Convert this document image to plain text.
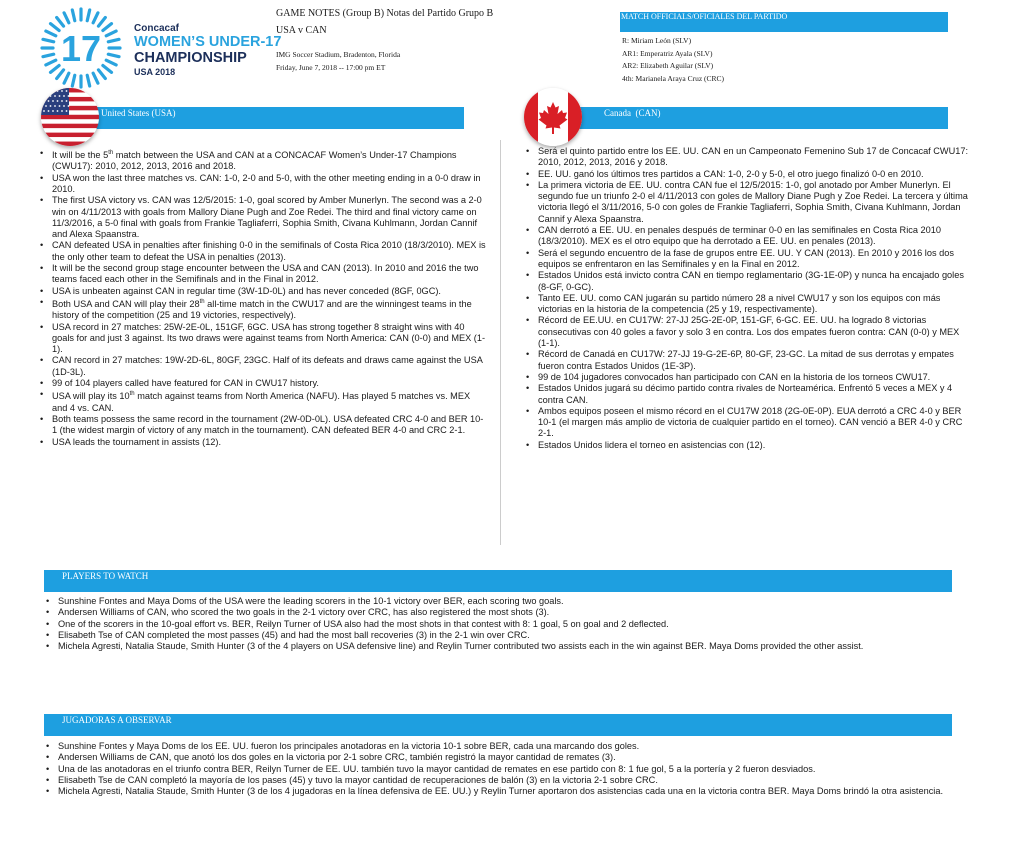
17	Concacaf
WOMEN’S UNDER-17
CHAMPIONSHIP
USA 2018
GAME NOTES (Group B) Notas del Partido Grupo B
USA v CAN
IMG Soccer Stadium, Bradenton, Florida
Friday, June 7, 2018 -- 17:00 pm ET
MATCH OFFICIALS/OFICIALES DEL PARTIDO
R: Miriam León (SLV)
AR1: Emperatriz Ayala (SLV)
AR2: Elizabeth Aguilar (SLV)
4th: Marianela Araya Cruz (CRC)
United States (USA)
• It will be the 5th match between the USA and CAN at a CONCACAF Women’s Under-17 Champions (CWU17): 2010, 2012, 2013, 2016 and 2018.
• USA won the last three matches vs. CAN: 1-0, 2-0 and 5-0, with the other meeting ending in a 0-0 draw in 2010.
• The first USA victory vs. CAN was 12/5/2015: 1-0, goal scored by Amber Munerlyn. The second was a 2-0 win on 4/11/2013 with goals from Mallory Diane Pugh and Zoe Redei. The third and final victory came on 11/3/2016, a 5-0 final with goals from Frankie Tagliaferri, Sophia Smith, Civana Kuhlmann, Jordan Cannif and Alexa Spaanstra.
• CAN defeated USA in penalties after finishing 0-0 in the semifinals of Costa Rica 2010 (18/3/2010). MEX is the only other team to defeat the USA in penalties (2013).
• It will be the second group stage encounter between the USA and CAN (2013). In 2010 and 2016 the two teams faced each other in the Semifinals and in the Final in 2012.
• USA is unbeaten against CAN in regular time (3W-1D-0L) and has never conceded (8GF, 0GC).
• Both USA and CAN will play their 28th all-time match in the CWU17 and are the winningest teams in the history of the competition (25 and 19 victories, respectively).
• USA record in 27 matches: 25W-2E-0L, 151GF, 6GC. USA has strong together 8 straight wins with 40 goals for and just 3 against. Its two draws were against teams from North America: CAN (0-0) and MEX (1-1).
• CAN record in 27 matches: 19W-2D-6L, 80GF, 23GC. Half of its defeats and draws came against the USA (1D-3L).
• 99 of 104 players called have featured for CAN in CWU17 history.
• USA will play its 10th match against teams from North America (NAFU). Has played 5 matches vs. MEX and 4 vs. CAN.
• Both teams possess the same record in the tournament (2W-0D-0L). USA defeated CRC 4-0 and BER 10-1 (the widest margin of victory of any match in the tournament). CAN defeated BER 4-0 and CRC 2-1.
• USA leads the tournament in assists (12).
Canada  (CAN)
• Será el quinto partido entre los EE. UU. CAN en un Campeonato Femenino Sub 17 de Concacaf CWU17: 2010, 2012, 2013, 2016 y 2018.
• EE. UU. ganó los últimos tres partidos a CAN: 1-0, 2-0 y 5-0, el otro juego finalizó 0-0 en 2010.
• La primera victoria de EE. UU. contra CAN fue el 12/5/2015: 1-0, gol anotado por Amber Munerlyn. El segundo fue un triunfo 2-0 el 4/11/2013 con goles de Mallory Diane Pugh y Zoe Redei. La tercera y última victoria llegó el 3/11/2016, 5-0 con goles de Frankie Tagliaferri, Sophia Smith, Civana Kuhlmann, Jordan Cannif y Alexa Spaanstra.
• CAN derrotó a EE. UU. en penales después de terminar 0-0 en las semifinales en Costa Rica 2010 (18/3/2010). MEX es el otro equipo que ha derrotado a EE. UU. en penales (2013).
• Será el segundo encuentro de la fase de grupos entre EE. UU. Y CAN (2013). En 2010 y 2016 los dos equipos se enfrentaron en las Semifinales y en la Final en 2012.
• Estados Unidos está invicto contra CAN en tiempo reglamentario (3G-1E-0P) y nunca ha encajado goles (8-GF, 0-GC).
• Tanto EE. UU. como CAN jugarán su partido número 28 a nivel CWU17 y son los equipos con más victorias en la historia de la competencia (25 y 19, respectivamente).
• Récord de EE.UU. en CU17W: 27-JJ 25G-2E-0P, 151-GF, 6-GC. EE. UU. ha logrado 8 victorias consecutivas con 40 goles a favor y solo 3 en contra. Los dos empates fueron contra: CAN (0-0) y MEX (1-1).
• Récord de Canadá en CU17W: 27-JJ 19-G-2E-6P, 80-GF, 23-GC. La mitad de sus derrotas y empates fueron contra Estados Unidos (1E-3P).
• 99 de 104 jugadores convocados han participado con CAN en la historia de los torneos CWU17.
• Estados Unidos jugará su décimo partido contra rivales de Norteamérica. Enfrentó 5 veces a MEX y 4 contra CAN.
• Ambos equipos poseen el mismo récord en el CU17W 2018 (2G-0E-0P). EUA derrotó a CRC 4-0 y BER 10-1 (el margen más amplio de victoria de cualquier partido en el torneo). CAN venció a BER 4-0 y CRC 2-1.
• Estados Unidos lidera el torneo en asistencias con (12).
PLAYERS TO WATCH
• Sunshine Fontes and Maya Doms of the USA were the leading scorers in the 10-1 victory over BER, each scoring two goals.
• Andersen Williams of CAN, who scored the two goals in the 2-1 victory over CRC, has also registered the most shots (3).
• One of the scorers in the 10-goal effort vs. BER, Reilyn Turner of USA also had the most shots in that contest with 8: 1 goal, 5 on goal and 2 deflected.
• Elisabeth Tse of CAN completed the most passes (45) and had the most ball recoveries (3) in the 2-1 win over CRC.
• Michela Agresti, Natalia Staude, Smith Hunter (3 of the 4 players on USA defensive line) and Reylin Turner contributed two assists each in the win against BER. Maya Doms provided the other assist.
JUGADORAS A OBSERVAR
• Sunshine Fontes y Maya Doms de los EE. UU. fueron los principales anotadoras en la victoria 10-1 sobre BER, cada una marcando dos goles.
• Andersen Williams de CAN, que anotó los dos goles en la victoria por 2-1 sobre CRC, también registró la mayor cantidad de remates (3).
• Una de las anotadoras en el triunfo contra BER, Reilyn Turner de EE. UU. también tuvo la mayor cantidad de remates en ese partido con 8: 1 fue gol, 5 a la portería y 2 fueron desviados.
• Elisabeth Tse de CAN completó la mayoría de los pases (45) y tuvo la mayor cantidad de recuperaciones de balón (3) en la victoria 2-1 sobre CRC.
• Michela Agresti, Natalia Staude, Smith Hunter (3 de los 4 jugadoras en la línea defensiva de EE. UU.) y Reylin Turner aportaron dos asistencias cada una en la victoria contra BER. Maya Doms brindó la otra asistencia.
